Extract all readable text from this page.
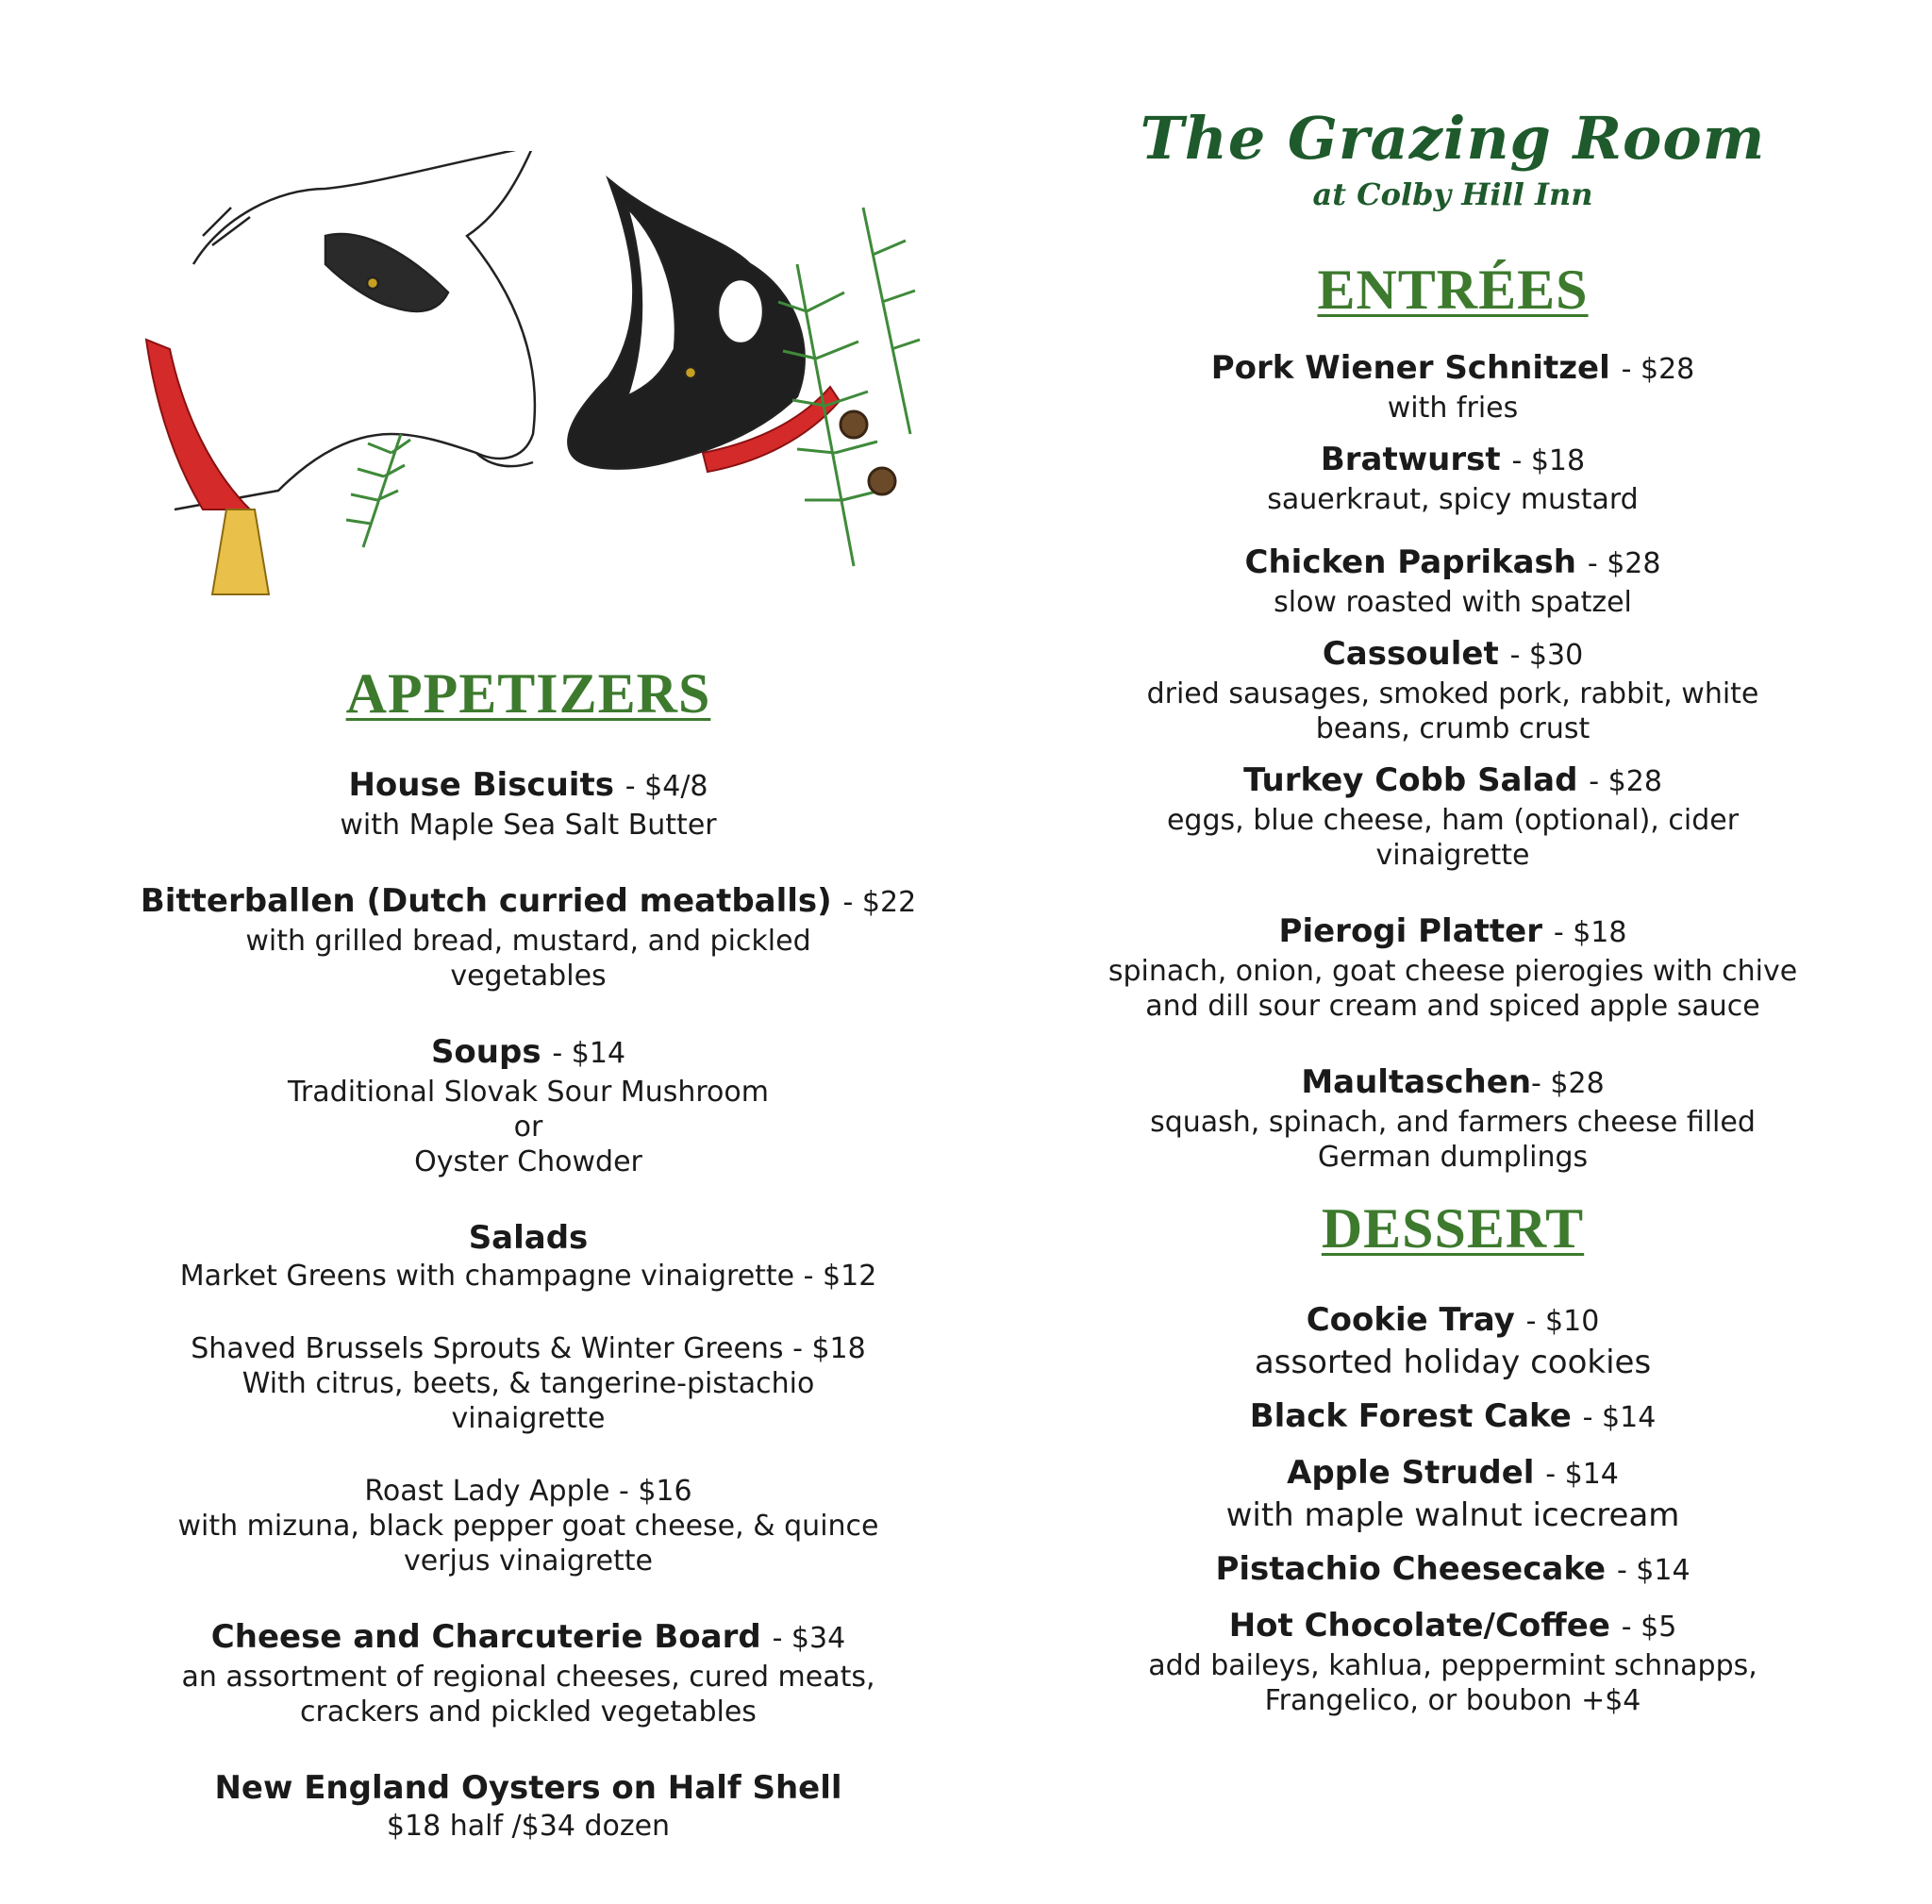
The Grazing Room
at Colby Hill Inn
ENTRÉES
Pork Wiener Schnitzel - $28
with fries
Bratwurst - $18
sauerkraut, spicy mustard
Chicken Paprikash - $28
slow roasted with spatzel
Cassoulet - $30
dried sausages, smoked pork, rabbit, white
beans, crumb crust
Turkey Cobb Salad - $28
eggs, blue cheese, ham (optional), cider
vinaigrette
Pierogi Platter - $18
spinach, onion, goat cheese pierogies with chive
and dill sour cream and spiced apple sauce
Maultaschen- $28
squash, spinach, and farmers cheese filled
German dumplings
DESSERT
Cookie Tray - $10
assorted holiday cookies
Black Forest Cake - $14
Apple Strudel - $14
with maple walnut icecream
Pistachio Cheesecake - $14
Hot Chocolate/Coffee - $5
add baileys, kahlua, peppermint schnapps,
Frangelico, or boubon +$4
APPETIZERS
House Biscuits - $4/8
with Maple Sea Salt Butter
Bitterballen (Dutch curried meatballs) - $22
with grilled bread, mustard, and pickled
vegetables
Soups - $14
Traditional Slovak Sour Mushroom
or
Oyster Chowder
Salads
Market Greens with champagne vinaigrette - $12
Shaved Brussels Sprouts & Winter Greens - $18
With citrus, beets, & tangerine-pistachio
vinaigrette
Roast Lady Apple - $16
with mizuna, black pepper goat cheese, & quince
verjus vinaigrette
Cheese and Charcuterie Board - $34
an assortment of regional cheeses, cured meats,
crackers and pickled vegetables
New England Oysters on Half Shell
$18 half /$34 dozen
